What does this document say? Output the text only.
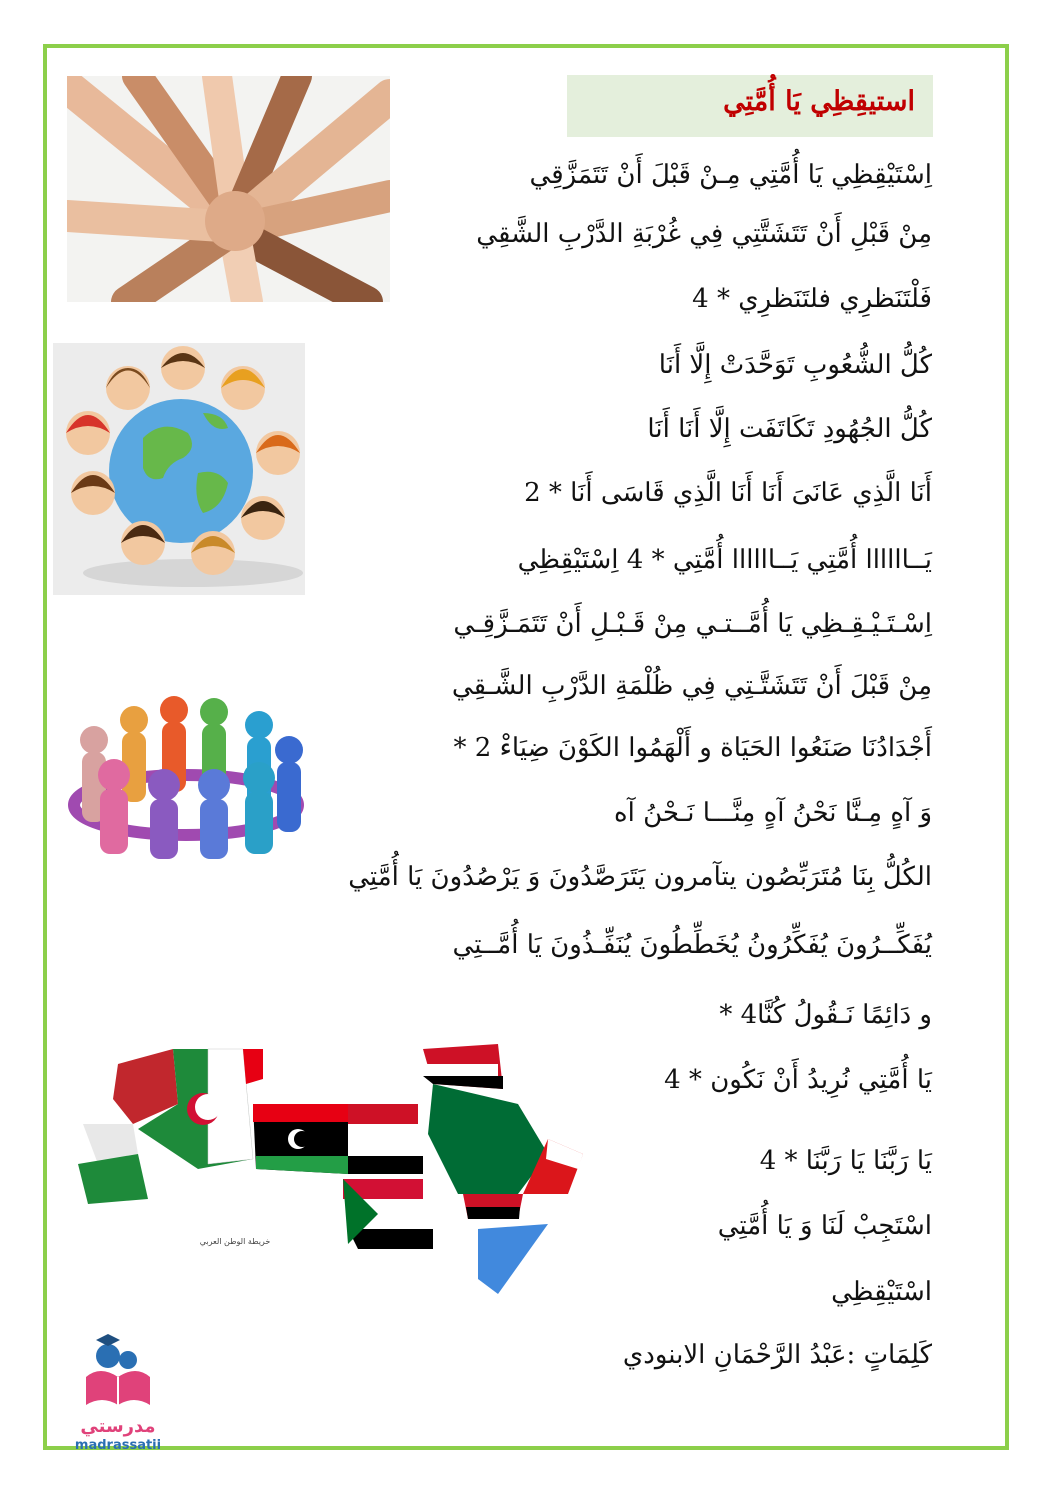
استيقِظِي يَا أُمَّتِي
اِسْتَيْقِظِي يَا أُمَّتِي مِـنْ قَبْلَ أَنْ تَتَمَزَّقِي
مِنْ قَبْلِ أَنْ تَتَشَتَّتِي فِي غُرْبَةِ الدَّرْبِ الشَّقِي
فَلْتَنَظرِي فلتَنَظرِي * 4
كُلُّ الشُّعُوبِ تَوَحَّدَتْ إِلَّا أَنَا
كُلُّ الجُهُودِ تَكَاتَفَت إِلَّا أَنَا أَنَا
أَنَا الَّذِي عَانَىَ أَنَا أَنَا الَّذِي قَاسَى أَنَا * 2
يَــاااااا أُمَّتِي يَــاااااا أُمَّتِي * 4 اِسْتَيْقِظِي
اِسْـتَـيْـقِـظِي يَا أُمَّــتـي مِنْ قَـبْـلِ أَنْ تَتَمَـزَّقِـي
مِنْ قَبْلَ أَنْ تَتَشَتَّـتِي فِي ظُلْمَةِ الدَّرْبِ الشَّـقِي
أَجْدَادُنَا صَنَعُوا الحَيَاة و أَلْهَمُوا الكَوْنَ ضِيَاءْ 2 *
وَ آهٍ مِـنَّا نَحْنُ آهٍ مِنَّـــا نَـحْنُ آه
الكُلُّ بِنَا مُتَرَبِّصُون يتآمرون يَتَرَصَّدُونَ وَ يَرْصُدُونَ يَا أُمَّتِي
يُفَكِّــرُونَ يُفَكِّرُونُ يُخَطِّطُونَ يُنَفِّـذُونَ يَا أُمَّــتِي
و دَائِمًا نَـقُولُ كُنَّا4 *
يَا أُمَّتِي نُرِيدُ أَنْ نَكُون * 4
يَا رَبَّنَا يَا رَبَّنَا * 4
اسْتَجِبْ لَنَا وَ يَا أُمَّتِي
اسْتَيْقِظِي
كَلِمَاتٍ :عَبْدُ الرَّحْمَانِ الابنودي
خريطة الوطن العربي
مدرستي
madrassatii
